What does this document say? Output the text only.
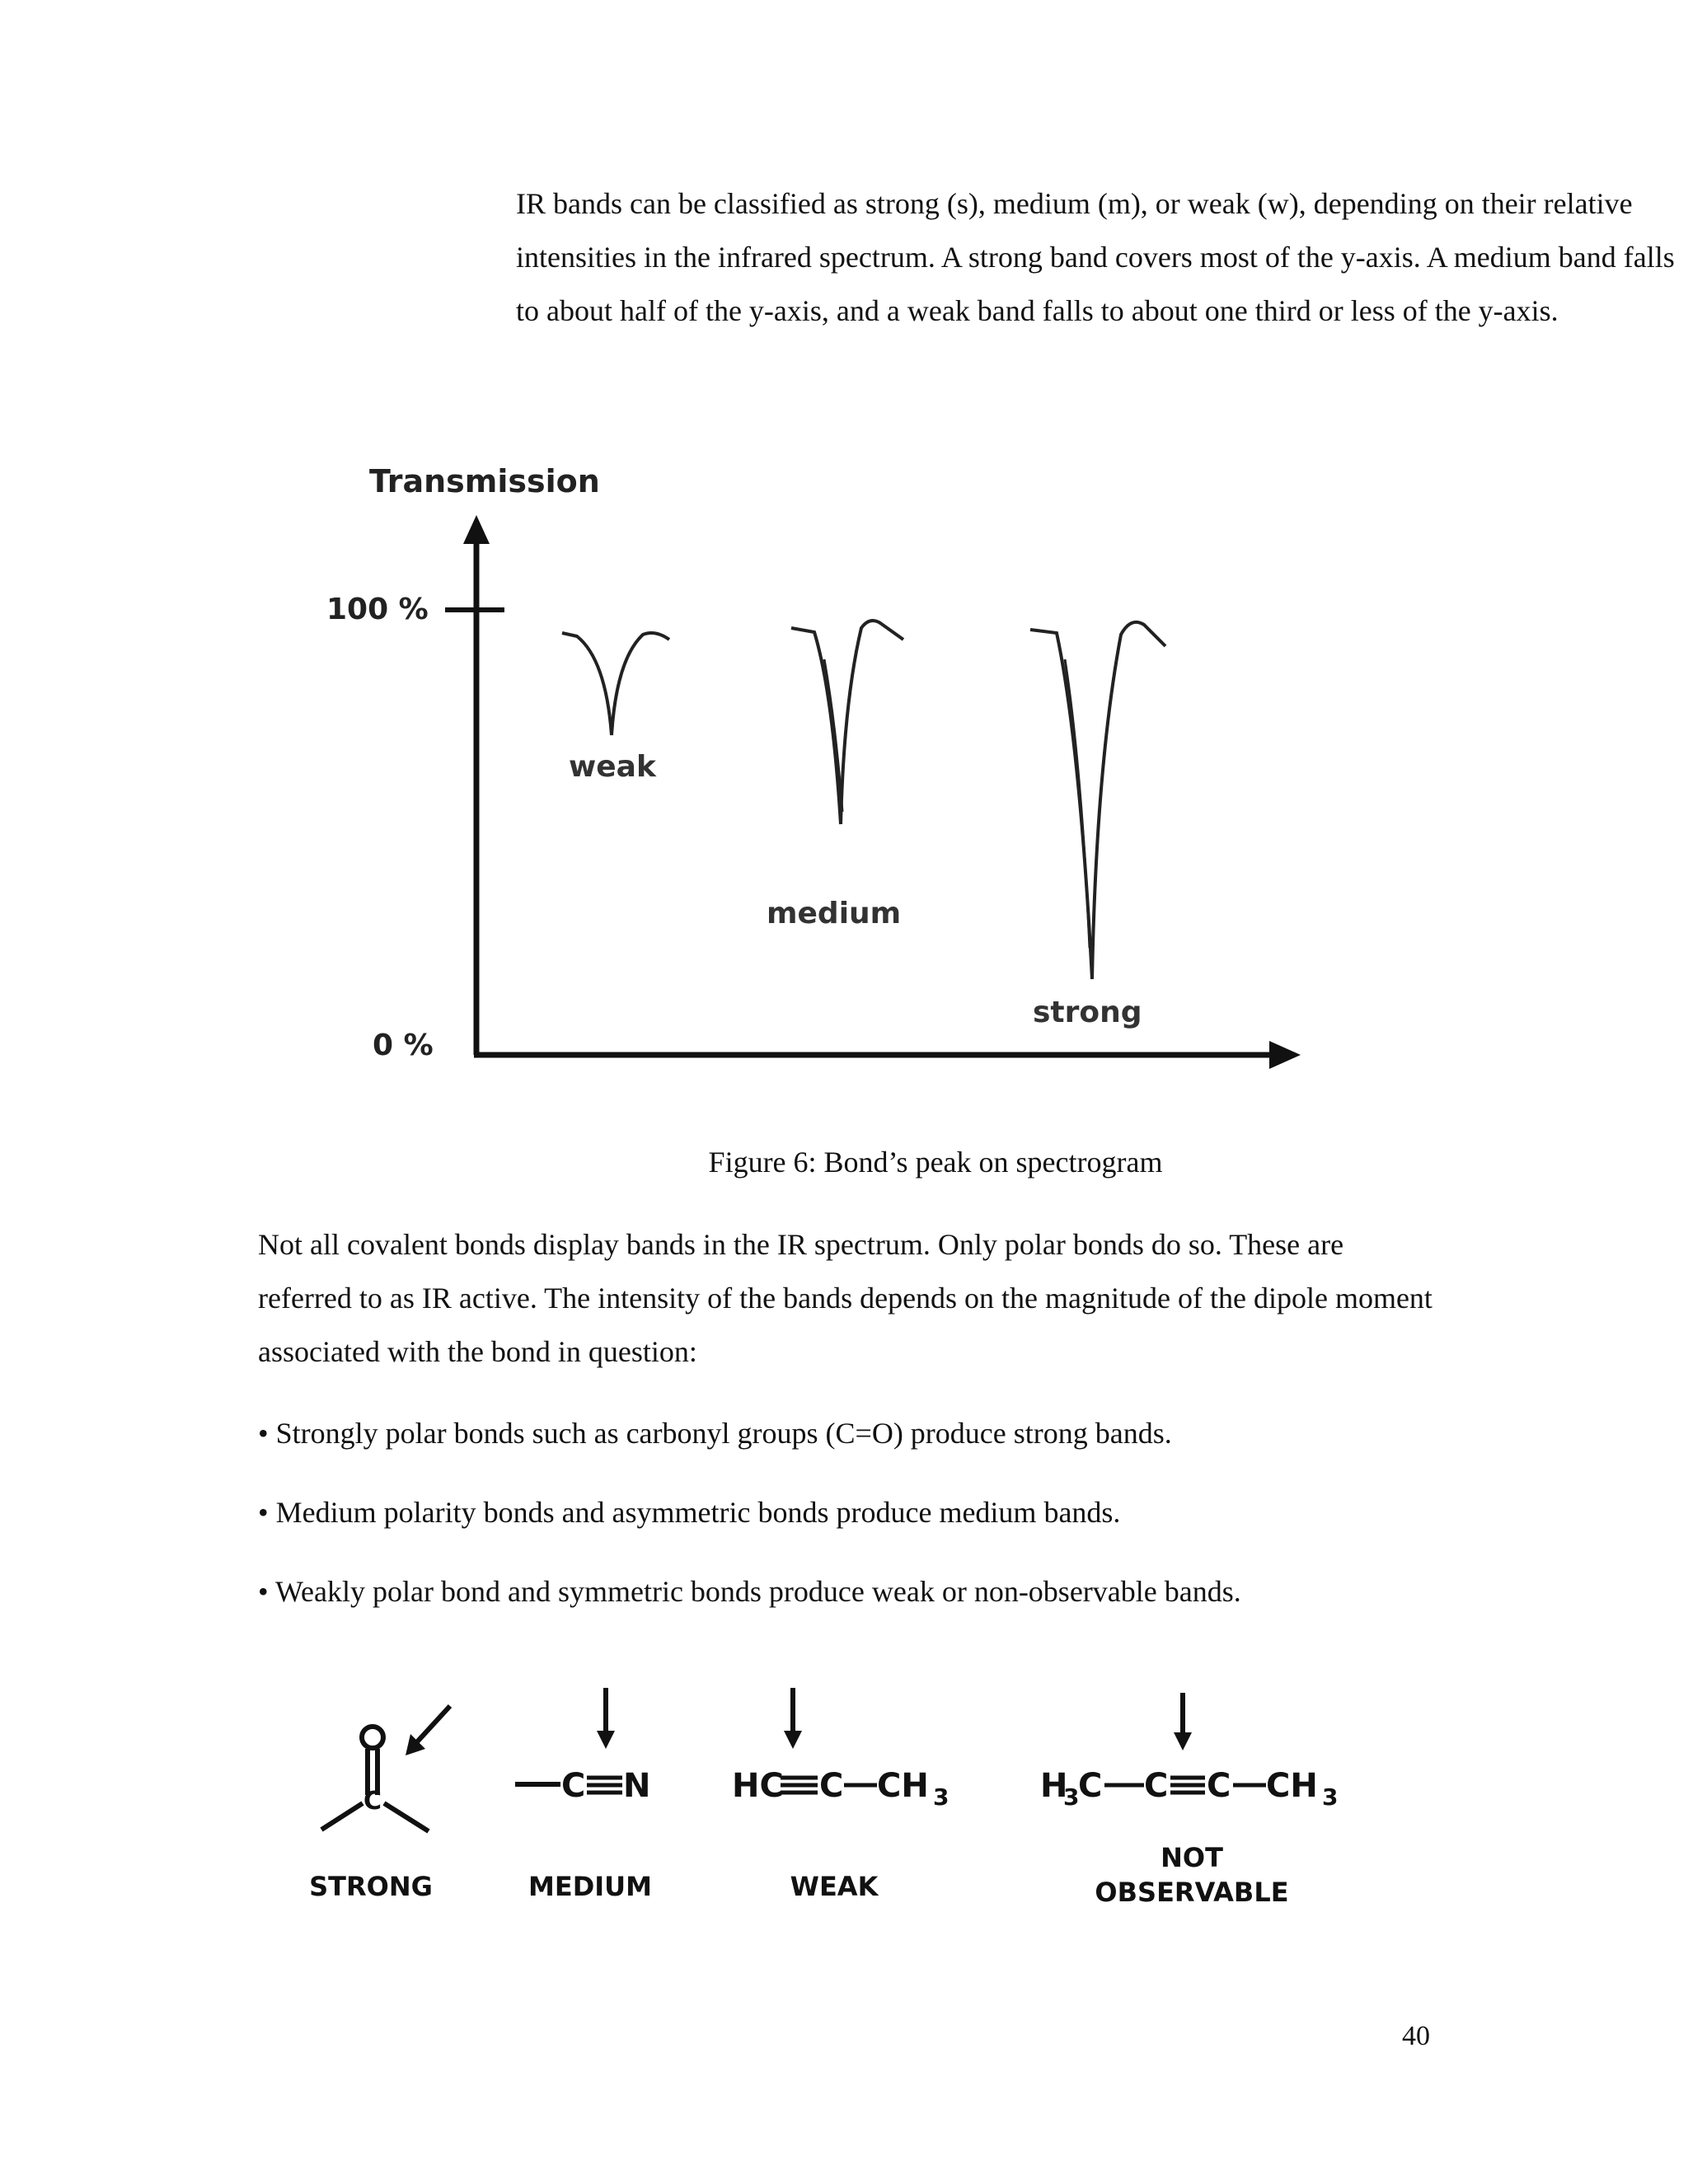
IR bands can be classified as strong (s), medium (m), or weak (w), depending on their relative intensities in the infrared spectrum. A strong band covers most of the y-axis. A medium band falls to about half of the y-axis, and a weak band falls to about one third or less of the y-axis.

Transmission
100 %
0 %
weak
medium
strong
Figure 6: Bond’s peak on spectrogram

Not all covalent bonds display bands in the IR spectrum. Only polar bonds do so. These are referred to as IR active. The intensity of the bands depends on the magnitude of the dipole moment associated with the bond in question:

• Strongly polar bonds such as carbonyl groups (C=O) produce strong bands.
• Medium polarity bonds and asymmetric bonds produce medium bands.
• Weakly polar bond and symmetric bonds produce weak or non-observable bands.
C
STRONG
C N
MEDIUM
HC C CH 3
WEAK
H
3
C C C CH 3
NOT
OBSERVABLE
40
